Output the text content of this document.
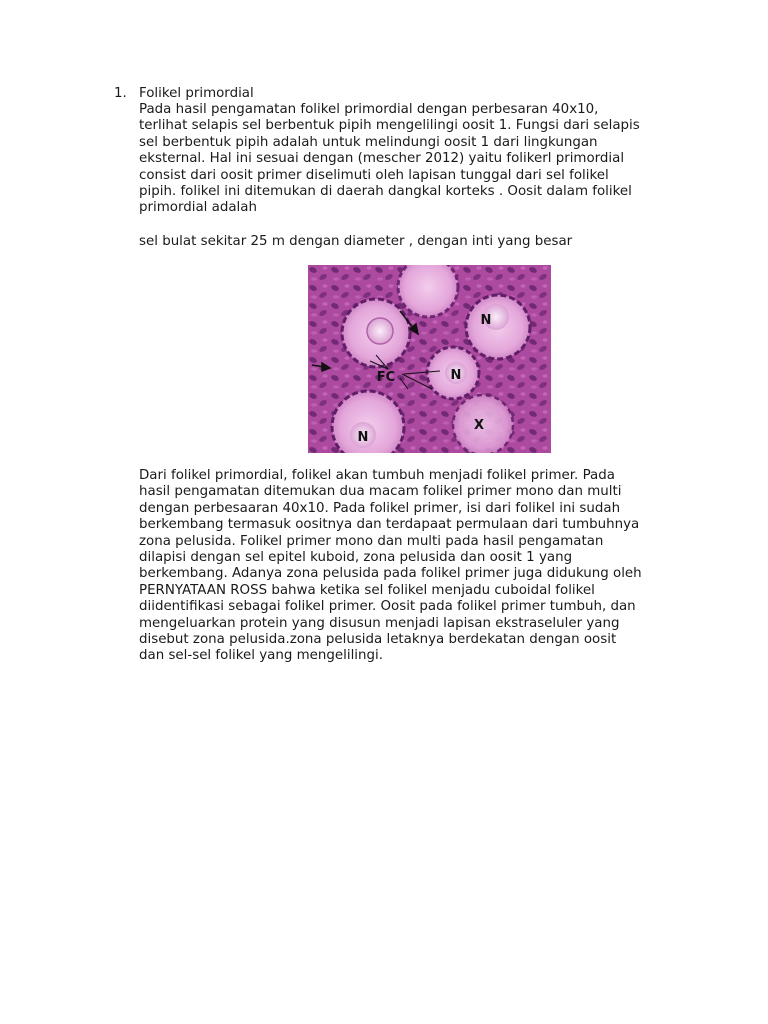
1. Folikel primordial

Pada hasil pengamatan folikel primordial dengan perbesaran 40x10,
terlihat selapis sel berbentuk pipih mengelilingi oosit 1. Fungsi dari selapis
sel berbentuk pipih adalah untuk melindungi oosit 1 dari lingkungan
eksternal. Hal ini sesuai dengan (mescher 2012) yaitu folikerl primordial
consist dari oosit primer diselimuti oleh lapisan tunggal dari sel folikel
pipih. folikel ini ditemukan di daerah dangkal korteks . Oosit dalam folikel
primordial adalah

sel bulat sekitar 25 m dengan diameter , dengan inti yang besar

N
FC	N
N
X

Dari folikel primordial, folikel akan tumbuh menjadi folikel primer. Pada
hasil pengamatan ditemukan dua macam folikel primer mono dan multi
dengan perbesaaran 40x10. Pada folikel primer, isi dari folikel ini sudah
berkembang termasuk oositnya dan terdapaat permulaan dari tumbuhnya
zona pelusida. Folikel primer mono dan multi pada hasil pengamatan
dilapisi dengan sel epitel kuboid, zona pelusida dan oosit 1 yang
berkembang. Adanya zona pelusida pada folikel primer juga didukung oleh
PERNYATAAN ROSS bahwa ketika sel folikel menjadu cuboidal folikel
diidentifikasi sebagai folikel primer. Oosit pada folikel primer tumbuh, dan
mengeluarkan protein yang disusun menjadi lapisan ekstraseluler yang
disebut zona pelusida.zona pelusida letaknya berdekatan dengan oosit
dan sel-sel folikel yang mengelilingi.
